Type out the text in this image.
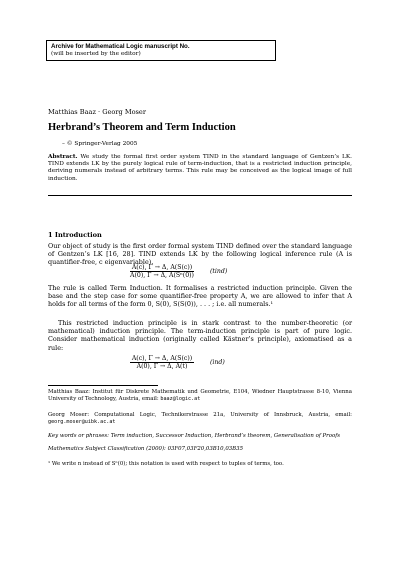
Archive for Mathematical Logic manuscript No.
(will be inserted by the editor)
Matthias Baaz · Georg Moser
Herbrand’s Theorem and Term Induction
– © Springer-Verlag 2005
Abstract. We study the formal first order system TIND in the standard language of Gentzen’s LK. TIND extends LK by the purely logical rule of term-induction, that is a restricted induction principle, deriving numerals instead of arbitrary terms. This rule may be conceived as the logical image of full induction.
1 Introduction
Our object of study is the first order formal system TIND defined over the standard language of Gentzen’s LK [16, 28]. TIND extends LK by the following logical inference rule (A is quantifier-free, c eigenvariable).
$\frac{A(c), \Gamma \to \Delta, A(S(c))}{\text{A(0), Γ → Δ, A(Sⁿ(0))}}$ (tind)
The rule is called Term Induction. It formalises a restricted induction principle. Given the base and the step case for some quantifier-free property A, we are allowed to infer that A holds for all terms of the form 0, S(0), S(S(0)), . . . ; i.e. all numerals.¹
This restricted induction principle is in stark contrast to the number-theoretic (or mathematical) induction principle. The term-induction principle is part of pure logic. Consider mathematical induction (originally called Kästner’s principle), axiomatised as a rule:
$\frac{A(c), \Gamma \to \Delta, A(S(c))}{A(0), \Gamma \to \Delta, A(t)} (ind)$
Matthias Baaz: Institut für Diskrete Mathematik und Geometrie, E104, Wiedner Hauptstrasse 8-10, Vienna University of Technology, Austria, email: baaz@logic.at
Georg Moser: Computational Logic, Technikerstrasse 21a, University of Innsbruck, Austria, email: georg.moser@uibk.ac.at
Key words or phrases: Term induction, Successor Induction, Herbrand’s theorem, Generalisation of Proofs
Mathematics Subject Classification (2000): 03F07,03F20,03B10,03B35
¹ We write n instead of Sⁿ(0); this notation is used with respect to tuples of terms, too.
